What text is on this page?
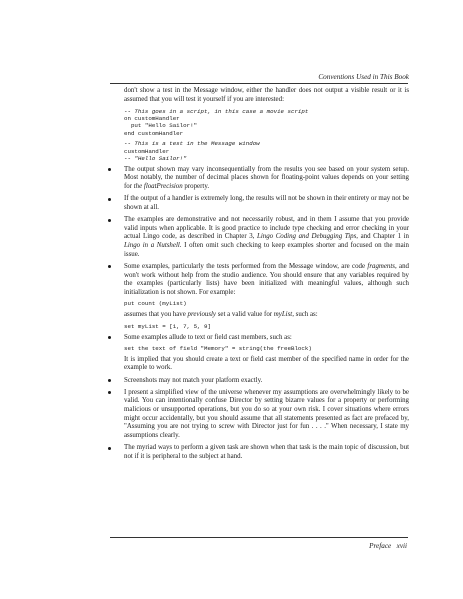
Conventions Used in This Book

don't show a test in the Message window, either the handler does not output a visible result or it is assumed that you will test it yourself if you are interested:

-- This goes in a script, in this case a movie script
on customHandler
put "Hello Sailor!"
end customHandler
-- This is a test in the Message window
customHandler
-- "Hello Sailor!"

The output shown may vary inconsequentially from the results you see based on your system setup. Most notably, the number of decimal places shown for floating-point values depends on your setting for the floatPrecision property.

If the output of a handler is extremely long, the results will not be shown in their entirety or may not be shown at all.

The examples are demonstrative and not necessarily robust, and in them I assume that you provide valid inputs when applicable. It is good practice to include type checking and error checking in your actual Lingo code, as described in Chapter 3, Lingo Coding and Debugging Tips, and Chapter 1 in Lingo in a Nutshell. I often omit such checking to keep examples shorter and focused on the main issue.

Some examples, particularly the tests performed from the Message window, are code fragments, and won't work without help from the studio audience. You should ensure that any variables required by the examples (particularly lists) have been initialized with meaningful values, although such initialization is not shown. For example:

put count (myList)

assumes that you have previously set a valid value for myList, such as:

set myList = [1, 7, 5, 9]

Some examples allude to text or field cast members, such as:

set the text of field "Memory" = string(the freeBlock)

It is implied that you should create a text or field cast member of the specified name in order for the example to work.

Screenshots may not match your platform exactly.

I present a simplified view of the universe whenever my assumptions are overwhelmingly likely to be valid. You can intentionally confuse Director by setting bizarre values for a property or performing malicious or unsupported operations, but you do so at your own risk. I cover situations where errors might occur accidentally, but you should assume that all statements presented as fact are prefaced by, "Assuming you are not trying to screw with Director just for fun . . . ." When necessary, I state my assumptions clearly.

The myriad ways to perform a given task are shown when that task is the main topic of discussion, but not if it is peripheral to the subject at hand.

Preface xvii
